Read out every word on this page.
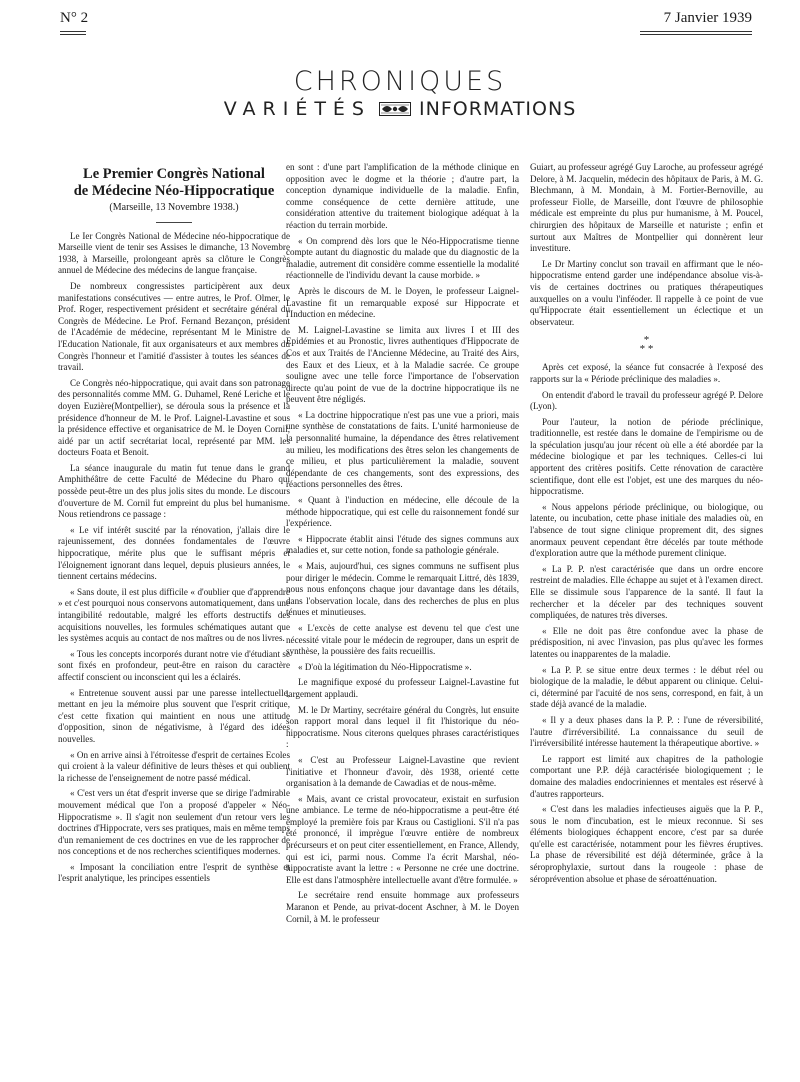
N° 2	7 Janvier 1939
CHRONIQUES
VARIÉTÉS	INFORMATIONS
Le Premier Congrès National
de Médecine Néo-Hippocratique
(Marseille, 13 Novembre 1938.)

Le Ier Congrès National de Médecine néo-hippocratique de Marseille vient de tenir ses Assises le dimanche, 13 Novembre 1938, à Marseille, prolongeant après sa clôture le Congrès annuel de Médecine des médecins de langue française.

De nombreux congressistes participèrent aux deux manifestations consécutives — entre autres, le Prof. Olmer, le Prof. Roger, respectivement président et secrétaire général du Congrès de Médecine. Le Prof. Fernand Bezançon, président de l'Académie de médecine, représentant M le Ministre de l'Education Nationale, fit aux organisateurs et aux membres du Congrès l'honneur et l'amitié d'assister à toutes les séances de travail.

Ce Congrès néo-hippocratique, qui avait dans son patronage des personnalités comme MM. G. Duhamel, René Leriche et le doyen Euzière(Montpellier), se déroula sous la présence et la présidence d'honneur de M. le Prof. Laignel-Lavastine et sous la présidence effective et organisatrice de M. le Doyen Cornil, aidé par un actif secrétariat local, représenté par MM. les docteurs Foata et Benoit.

La séance inaugurale du matin fut tenue dans le grand Amphithéâtre de cette Faculté de Médecine du Pharo qui possède peut-être un des plus jolis sites du monde. Le discours d'ouverture de M. Cornil fut empreint du plus bel humanisme. Nous retiendrons ce passage :

« Le vif intérêt suscité par la rénovation, j'allais dire le rajeunissement, des données fondamentales de l'œuvre hippocratique, mérite plus que le suffisant mépris et l'éloignement ignorant dans lequel, depuis plusieurs années, le tiennent certains médecins.

« Sans doute, il est plus difficile « d'oublier que d'apprendre » et c'est pourquoi nous conservons automatiquement, dans une intangibilité redoutable, malgré les efforts destructifs des acquisitions nouvelles, les formules schématiques autant que les systèmes acquis au contact de nos maîtres ou de nos livres.

« Tous les concepts incorporés durant notre vie d'étudiant se sont fixés en profondeur, peut-être en raison du caractère affectif conscient ou inconscient qui les a éclairés.

« Entretenue souvent aussi par une paresse intellectuelle, mettant en jeu la mémoire plus souvent que l'esprit critique, c'est cette fixation qui maintient en nous une attitude d'opposition, sinon de négativisme, à l'égard des idées nouvelles.

« On en arrive ainsi à l'étroitesse d'esprit de certaines Ecoles qui croient à la valeur définitive de leurs thèses et qui oublient la richesse de l'enseignement de notre passé médical.

« C'est vers un état d'esprit inverse que se dirige l'admirable mouvement médical que l'on a proposé d'appeler « Néo-Hippocratisme ». Il s'agit non seulement d'un retour vers les doctrines d'Hippocrate, vers ses pratiques, mais en même temps d'un remaniement de ces doctrines en vue de les rapprocher de nos conceptions et de nos recherches scientifiques modernes.

« Imposant la conciliation entre l'esprit de synthèse et l'esprit analytique, les principes essentiels

en sont : d'une part l'amplification de la méthode clinique en opposition avec le dogme et la théorie ; d'autre part, la conception dynamique individuelle de la maladie. Enfin, comme conséquence de cette dernière attitude, une considération attentive du traitement biologique adéquat à la réaction du terrain morbide.

« On comprend dès lors que le Néo-Hippocratisme tienne compte autant du diagnostic du malade que du diagnostic de la maladie, autrement dit considère comme essentielle la modalité réactionnelle de l'individu devant la cause morbide. »

Après le discours de M. le Doyen, le professeur Laignel-Lavastine fit un remarquable exposé sur Hippocrate et l'Induction en médecine.

M. Laignel-Lavastine se limita aux livres I et III des Epidémies et au Pronostic, livres authentiques d'Hippocrate de Cos et aux Traités de l'Ancienne Médecine, au Traité des Airs, des Eaux et des Lieux, et à la Maladie sacrée. Ce groupe souligne avec une telle force l'importance de l'observation directe qu'au point de vue de la doctrine hippocratique ils ne peuvent être négligés.

« La doctrine hippocratique n'est pas une vue a priori, mais une synthèse de constatations de faits. L'unité harmonieuse de la personnalité humaine, la dépendance des êtres relativement au milieu, les modifications des êtres selon les changements de ce milieu, et plus particulièrement la maladie, souvent dépendante de ces changements, sont des expressions, des réactions personnelles des êtres.

« Quant à l'induction en médecine, elle découle de la méthode hippocratique, qui est celle du raisonnement fondé sur l'expérience.

« Hippocrate établit ainsi l'étude des signes communs aux maladies et, sur cette notion, fonde sa pathologie générale.

« Mais, aujourd'hui, ces signes communs ne suffisent plus pour diriger le médecin. Comme le remarquait Littré, dès 1839, nous nous enfonçons chaque jour davantage dans les détails, dans l'observation locale, dans des recherches de plus en plus ténues et minutieuses.

« L'excès de cette analyse est devenu tel que c'est une nécessité vitale pour le médecin de regrouper, dans un esprit de synthèse, la poussière des faits recueillis.

« D'où la légitimation du Néo-Hippocratisme ».

Le magnifique exposé du professeur Laignel-Lavastine fut largement applaudi.

M. le Dr Martiny, secrétaire général du Congrès, lut ensuite son rapport moral dans lequel il fit l'historique du néo-hippocratisme. Nous citerons quelques phrases caractéristiques :

« C'est au Professeur Laignel-Lavastine que revient l'initiative et l'honneur d'avoir, dès 1938, orienté cette organisation à la demande de Cawadias et de nous-même.

« Mais, avant ce cristal provocateur, existait en surfusion une ambiance. Le terme de néo-hippocratisme a peut-être été employé la première fois par Kraus ou Castiglioni. S'il n'a pas été prononcé, il imprègue l'œuvre entière de nombreux précurseurs et on peut citer essentiellement, en France, Allendy, qui est ici, parmi nous. Comme l'a écrit Marshal, néo-hippocratiste avant la lettre : « Personne ne crée une doctrine. Elle est dans l'atmosphère intellectuelle avant d'être formulée. »

Le secrétaire rend ensuite hommage aux professeurs Maranon et Pende, au privat-docent Aschner, à M. le Doyen Cornil, à M. le professeur

Guiart, au professeur agrégé Guy Laroche, au professeur agrégé Delore, à M. Jacquelin, médecin des hôpitaux de Paris, à M. G. Blechmann, à M. Mondain, à M. Fortier-Bernoville, au professeur Fiolle, de Marseille, dont l'œuvre de philosophie médicale est empreinte du plus pur humanisme, à M. Poucel, chirurgien des hôpitaux de Marseille et naturiste ; enfin et surtout aux Maîtres de Montpellier qui donnèrent leur investiture.

Le Dr Martiny conclut son travail en affirmant que le néo-hippocratisme entend garder une indépendance absolue vis-à-vis de certaines doctrines ou pratiques thérapeutiques auxquelles on a voulu l'inféoder. Il rappelle à ce point de vue qu'Hippocrate était essentiellement un éclectique et un observateur.

*
* *

Après cet exposé, la séance fut consacrée à l'exposé des rapports sur la « Période préclinique des maladies ».

On entendit d'abord le travail du professeur agrégé P. Delore (Lyon).

Pour l'auteur, la notion de période préclinique, traditionnelle, est restée dans le domaine de l'empirisme ou de la spéculation jusqu'au jour récent où elle a été abordée par la médecine biologique et par les techniques. Celles-ci lui apportent des critères positifs. Cette rénovation de caractère scientifique, dont elle est l'objet, est une des marques du néo-hippocratisme.

« Nous appelons période préclinique, ou biologique, ou latente, ou incubation, cette phase initiale des maladies où, en l'absence de tout signe clinique proprement dit, des signes anormaux peuvent cependant être décelés par toute méthode d'exploration autre que la méthode purement clinique.

« La P. P. n'est caractérisée que dans un ordre encore restreint de maladies. Elle échappe au sujet et à l'examen direct. Elle se dissimule sous l'apparence de la santé. Il faut la rechercher et la déceler par des techniques souvent compliquées, de natures très diverses.

« Elle ne doit pas être confondue avec la phase de prédisposition, ni avec l'invasion, pas plus qu'avec les formes latentes ou inapparentes de la maladie.

« La P. P. se situe entre deux termes : le début réel ou biologique de la maladie, le début apparent ou clinique. Celui-ci, déterminé par l'acuité de nos sens, correspond, en fait, à un stade déjà avancé de la maladie.

« Il y a deux phases dans la P. P. : l'une de réversibilité, l'autre d'irréversibilité. La connaissance du seuil de l'irréversibilité intéresse hautement la thérapeutique abortive. »

Le rapport est limité aux chapitres de la pathologie comportant une P.P. déjà caractérisée biologiquement ; le domaine des maladies endocriniennes et mentales est réservé à d'autres rapporteurs.

« C'est dans les maladies infectieuses aiguës que la P. P., sous le nom d'incubation, est le mieux reconnue. Si ses éléments biologiques échappent encore, c'est par sa durée qu'elle est caractérisée, notamment pour les fièvres éruptives. La phase de réversibilité est déjà déterminée, grâce à la séroprophylaxie, surtout dans la rougeole : phase de séroprévention absolue et phase de séroatténuation.
